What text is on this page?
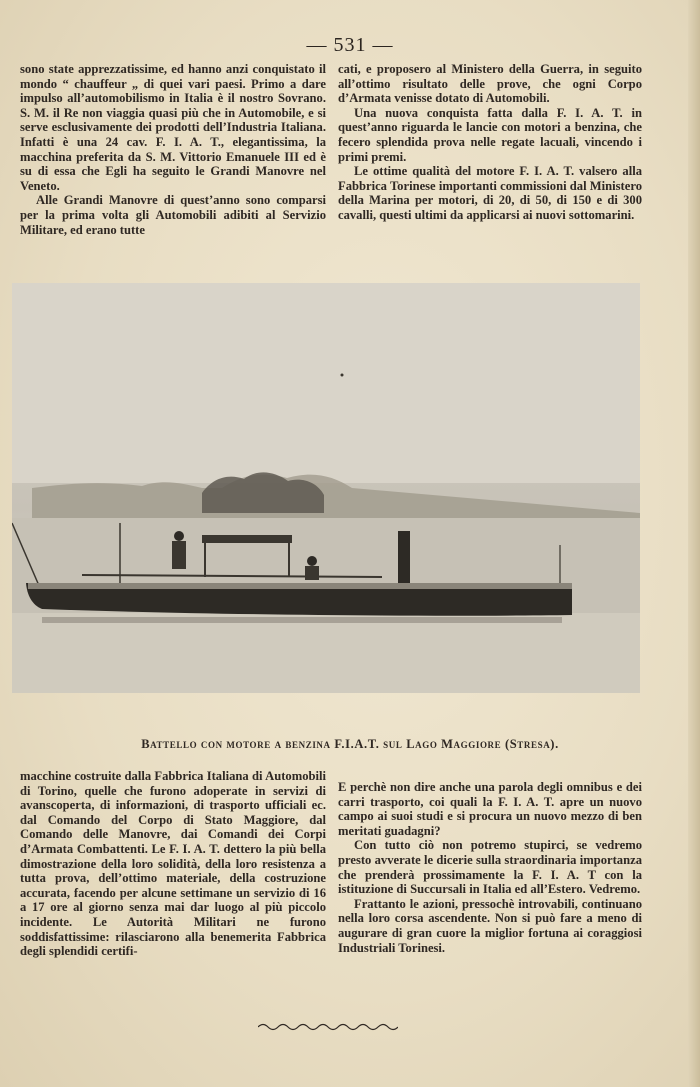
— 531 —

sono state apprezzatissime, ed hanno anzi conquistato il mondo “ chauffeur „ di quei vari paesi. Primo a dare impulso all’automobilismo in Italia è il nostro Sovrano. S. M. il Re non viaggia quasi più che in Automobile, e si serve esclusivamente dei prodotti dell’Industria Italiana. Infatti è una 24 cav. F. I. A. T., elegantissima, la macchina preferita da S. M. Vittorio Emanuele III ed è su di essa che Egli ha seguito le Grandi Manovre nel Veneto.

Alle Grandi Manovre di quest’anno sono comparsi per la prima volta gli Automobili adibiti al Servizio Militare, ed erano tutte

cati, e proposero al Ministero della Guerra, in seguito all’ottimo risultato delle prove, che ogni Corpo d’Armata venisse dotato di Automobili.

Una nuova conquista fatta dalla F. I. A. T. in quest’anno riguarda le lancie con motori a benzina, che fecero splendida prova nelle regate lacuali, vincendo i primi premi.

Le ottime qualità del motore F. I. A. T. valsero alla Fabbrica Torinese importanti commissioni dal Ministero della Marina per motori, di 20, di 50, di 150 e di 300 cavalli, questi ultimi da applicarsi ai nuovi sottomarini.

Battello con motore a benzina F.I.A.T. sul Lago Maggiore (Stresa).

macchine costruite dalla Fabbrica Italiana di Automobili di Torino, quelle che furono adoperate in servizi di avanscoperta, di informazioni, di trasporto ufficiali ec. dal Comando del Corpo di Stato Maggiore, dal Comando delle Manovre, dai Comandi dei Corpi d’Armata Combattenti. Le F. I. A. T. dettero la più bella dimostrazione della loro solidità, della loro resistenza a tutta prova, dell’ottimo materiale, della costruzione accurata, facendo per alcune settimane un servizio di 16 a 17 ore al giorno senza mai dar luogo al più piccolo incidente. Le Autorità Militari ne furono soddisfattissime: rilasciarono alla benemerita Fabbrica degli splendidi certifi-

E perchè non dire anche una parola degli omnibus e dei carri trasporto, coi quali la F. I. A. T. apre un nuovo campo ai suoi studi e si procura un nuovo mezzo di ben meritati guadagni?

Con tutto ciò non potremo stupirci, se vedremo presto avverate le dicerie sulla straordinaria importanza che prenderà prossimamente la F. I. A. T con la istituzione di Succursali in Italia ed all’Estero. Vedremo.

Frattanto le azioni, pressochè introvabili, continuano nella loro corsa ascendente. Non si può fare a meno di augurare di gran cuore la miglior fortuna ai coraggiosi Industriali Torinesi.
